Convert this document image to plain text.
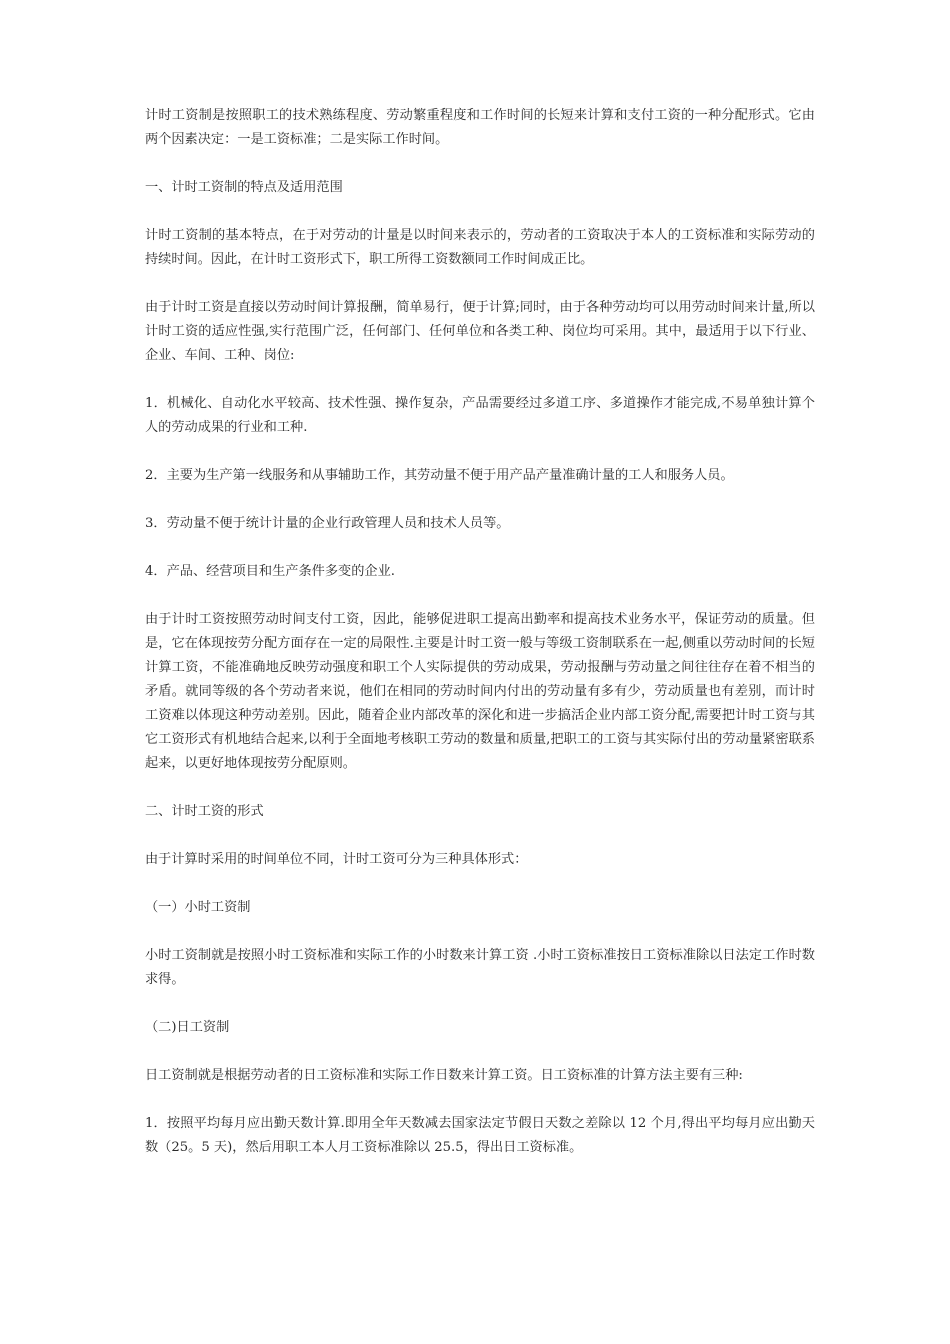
计时工资制是按照职工的技术熟练程度、劳动繁重程度和工作时间的长短来计算和支付工资的一种分配形式。它由两个因素决定：一是工资标准；二是实际工作时间。

一、计时工资制的特点及适用范围

计时工资制的基本特点，在于对劳动的计量是以时间来表示的，劳动者的工资取决于本人的工资标准和实际劳动的持续时间。因此，在计时工资形式下，职工所得工资数额同工作时间成正比。

由于计时工资是直接以劳动时间计算报酬，简单易行，便于计算;同时，由于各种劳动均可以用劳动时间来计量,所以计时工资的适应性强,实行范围广泛，任何部门、任何单位和各类工种、岗位均可采用。其中，最适用于以下行业、企业、车间、工种、岗位:

1．机械化、自动化水平较高、技术性强、操作复杂，产品需要经过多道工序、多道操作才能完成,不易单独计算个人的劳动成果的行业和工种.

2．主要为生产第一线服务和从事辅助工作，其劳动量不便于用产品产量准确计量的工人和服务人员。

3．劳动量不便于统计计量的企业行政管理人员和技术人员等。

4．产品、经营项目和生产条件多变的企业.

由于计时工资按照劳动时间支付工资，因此，能够促进职工提高出勤率和提高技术业务水平，保证劳动的质量。但是，它在体现按劳分配方面存在一定的局限性.主要是计时工资一般与等级工资制联系在一起,侧重以劳动时间的长短计算工资，不能准确地反映劳动强度和职工个人实际提供的劳动成果，劳动报酬与劳动量之间往往存在着不相当的矛盾。就同等级的各个劳动者来说，他们在相同的劳动时间内付出的劳动量有多有少，劳动质量也有差别，而计时工资难以体现这种劳动差别。因此，随着企业内部改革的深化和进一步搞活企业内部工资分配,需要把计时工资与其它工资形式有机地结合起来,以利于全面地考核职工劳动的数量和质量,把职工的工资与其实际付出的劳动量紧密联系起来，以更好地体现按劳分配原则。

二、计时工资的形式

由于计算时采用的时间单位不同，计时工资可分为三种具体形式：

（一）小时工资制

小时工资制就是按照小时工资标准和实际工作的小时数来计算工资 .小时工资标准按日工资标准除以日法定工作时数求得。

（二)日工资制

日工资制就是根据劳动者的日工资标准和实际工作日数来计算工资。日工资标准的计算方法主要有三种:

1．按照平均每月应出勤天数计算.即用全年天数减去国家法定节假日天数之差除以 12 个月,得出平均每月应出勤天数（25。5 天)，然后用职工本人月工资标准除以 25.5，得出日工资标准。
